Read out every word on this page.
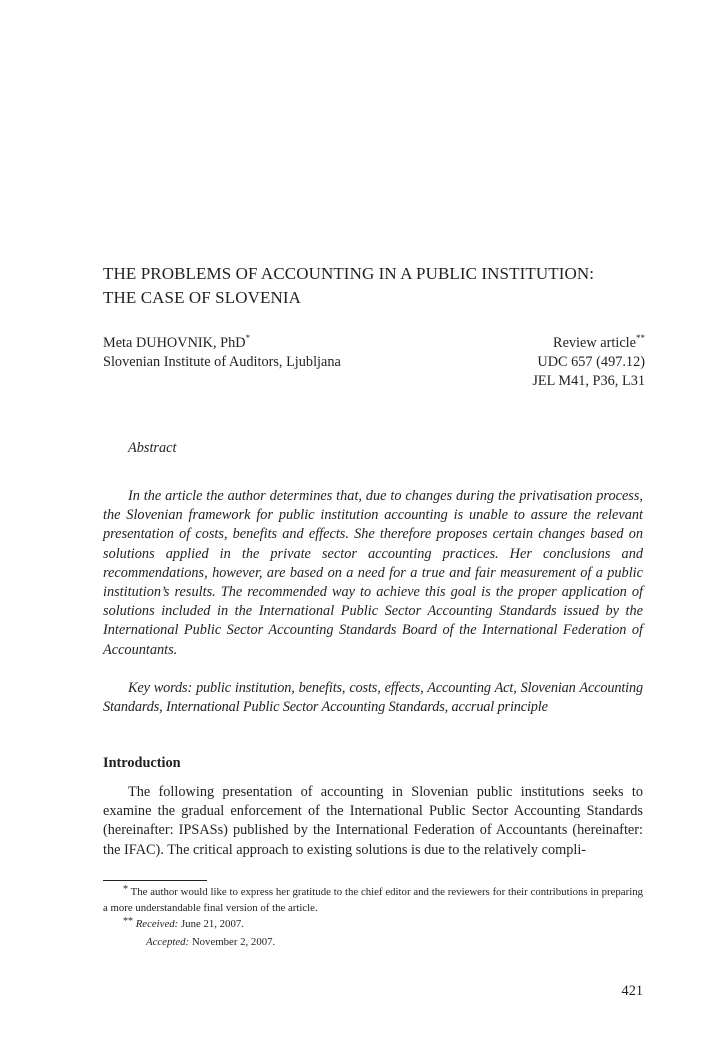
THE PROBLEMS OF ACCOUNTING IN A PUBLIC INSTITUTION:
THE CASE OF SLOVENIA
Meta DUHOVNIK, PhD*
Slovenian Institute of Auditors, Ljubljana
Review article**
UDC 657 (497.12)
JEL M41, P36, L31
Abstract

In the article the author determines that, due to changes during the privatisation process, the Slovenian framework for public institution accounting is unable to assure the relevant presentation of costs, benefits and effects. She therefore proposes certain changes based on solutions applied in the private sector accounting practices. Her conclusions and recommendations, however, are based on a need for a true and fair measurement of a public institution’s results. The recommended way to achieve this goal is the proper application of solutions included in the International Public Sector Accounting Standards issued by the International Public Sector Accounting Standards Board of the International Federation of Accountants.

Key words: public institution, benefits, costs, effects, Accounting Act, Slovenian Accounting Standards, International Public Sector Accounting Standards, accrual principle

Introduction

The following presentation of accounting in Slovenian public institutions seeks to examine the gradual enforcement of the International Public Sector Accounting Standards (hereinafter: IPSASs) published by the International Federation of Accountants (hereinafter: the IFAC). The critical approach to existing solutions is due to the relatively compli-

* The author would like to express her gratitude to the chief editor and the reviewers for their contributions in preparing a more understandable final version of the article.

** Received: June 21, 2007.
Accepted: November 2, 2007.
421
